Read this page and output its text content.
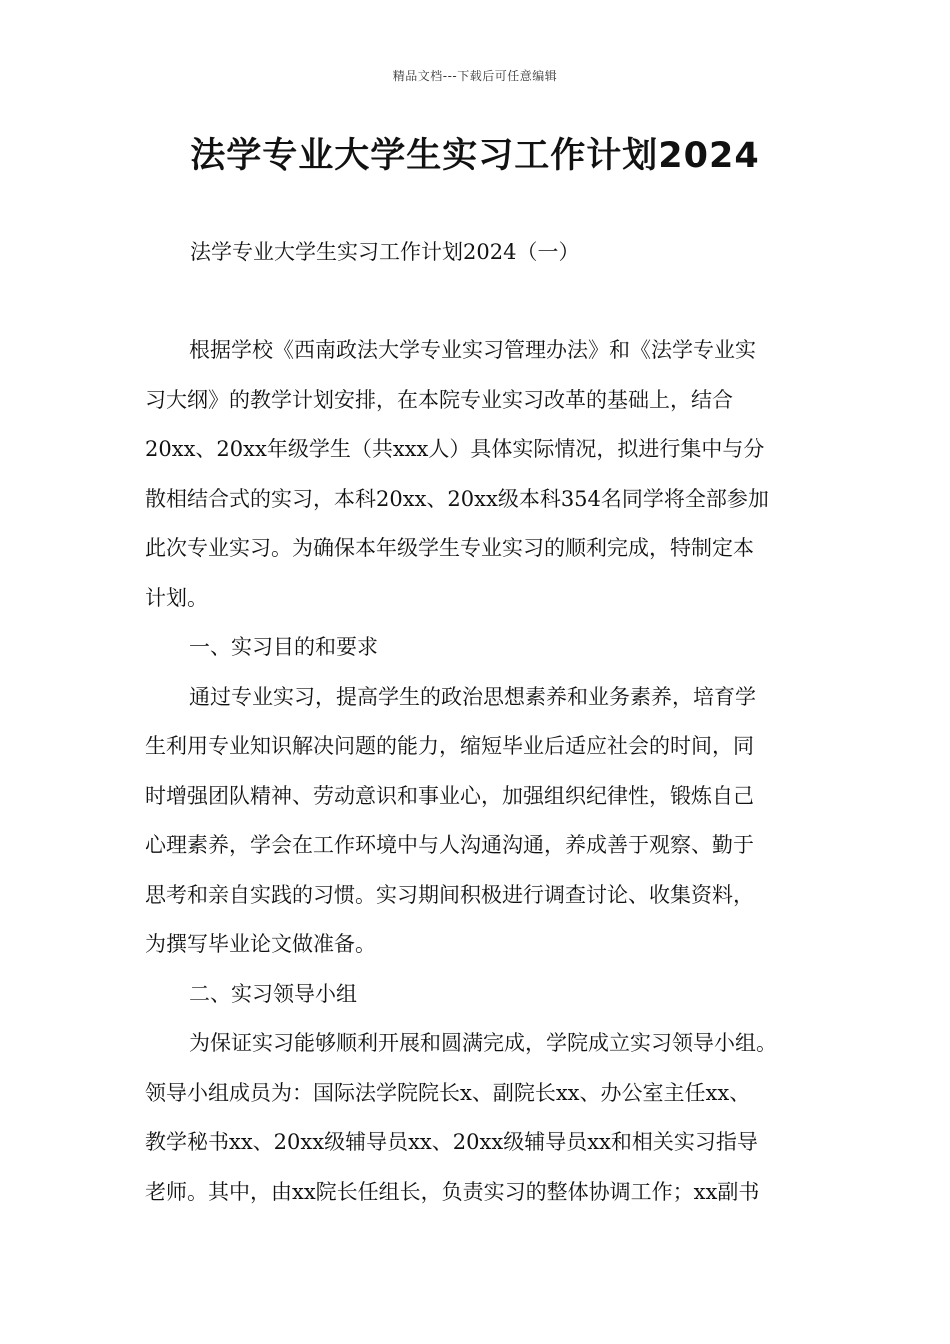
精品文档---下载后可任意编辑
法学专业大学生实习工作计划2024
法学专业大学生实习工作计划2024（一）
根据学校《西南政法大学专业实习管理办法》和《法学专业实
习大纲》的教学计划安排，在本院专业实习改革的基础上，结合
20xx、20xx年级学生（共xxx人）具体实际情况，拟进行集中与分
散相结合式的实习，本科20xx、20xx级本科354名同学将全部参加
此次专业实习。为确保本年级学生专业实习的顺利完成，特制定本
计划。
一、实习目的和要求
通过专业实习，提高学生的政治思想素养和业务素养，培育学
生利用专业知识解决问题的能力，缩短毕业后适应社会的时间，同
时增强团队精神、劳动意识和事业心，加强组织纪律性，锻炼自己
心理素养，学会在工作环境中与人沟通沟通，养成善于观察、勤于
思考和亲自实践的习惯。实习期间积极进行调查讨论、收集资料，
为撰写毕业论文做准备。
二、实习领导小组
为保证实习能够顺利开展和圆满完成，学院成立实习领导小组。
领导小组成员为：国际法学院院长x、副院长xx、办公室主任xx、
教学秘书xx、20xx级辅导员xx、20xx级辅导员xx和相关实习指导
老师。其中，由xx院长任组长，负责实习的整体协调工作；xx副书
